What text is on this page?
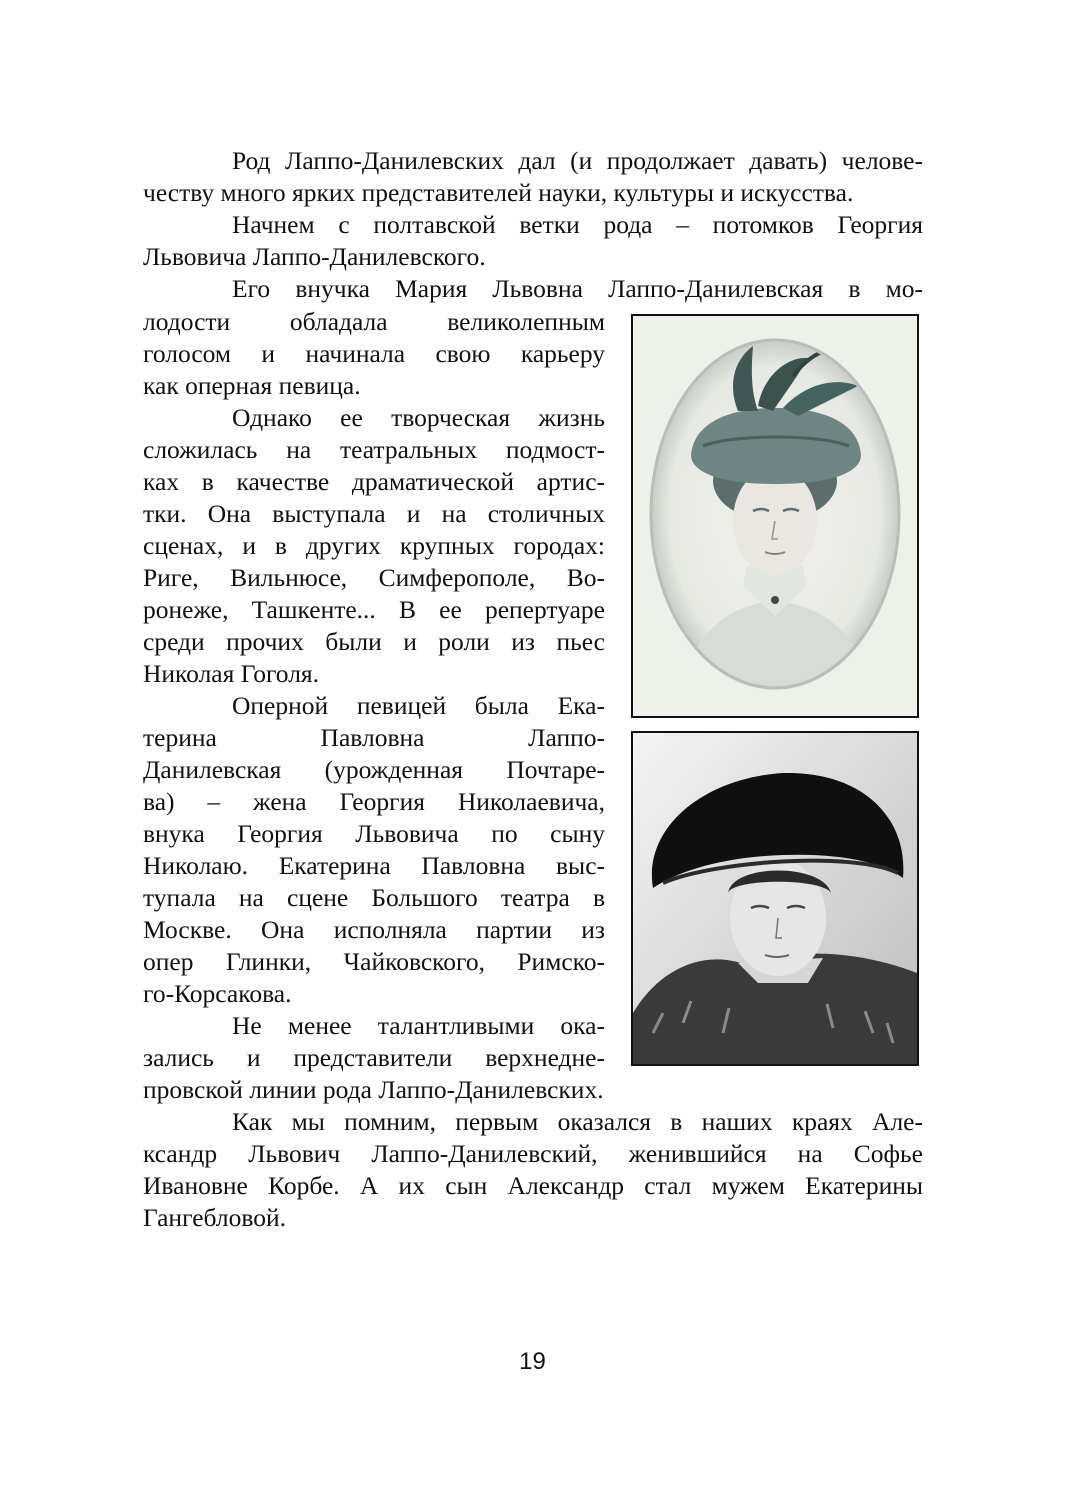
Род Лаппо-Данилевских дал (и продолжает давать) челове-
честву много ярких представителей науки, культуры и искусства.
Начнем с полтавской ветки рода – потомков Георгия
Львовича Лаппо-Данилевского.
Его внучка Мария Львовна Лаппо-Данилевская в мо-
лодости обладала великолепным
голосом и начинала свою карьеру
как оперная певица.
Однако ее творческая жизнь
сложилась на театральных подмост-
ках в качестве драматической артис-
тки. Она выступала и на столичных
сценах, и в других крупных городах:
Риге, Вильнюсе, Симферополе, Во-
ронеже, Ташкенте... В ее репертуаре
среди прочих были и роли из пьес
Николая Гоголя.
Оперной певицей была Ека-
терина Павловна Лаппо-
Данилевская (урожденная Почтаре-
ва) – жена Георгия Николаевича,
внука Георгия Львовича по сыну
Николаю. Екатерина Павловна выс-
тупала на сцене Большого театра в
Москве. Она исполняла партии из
опер Глинки, Чайковского, Римско-
го-Корсакова.
Не менее талантливыми ока-
зались и представители верхнедне-
провской линии рода Лаппо-Данилевских.
Как мы помним, первым оказался в наших краях Але-
ксандр Львович Лаппо-Данилевский, женившийся на Софье
Ивановне Корбе. А их сын Александр стал мужем Екатерины
Гангебловой.
19
